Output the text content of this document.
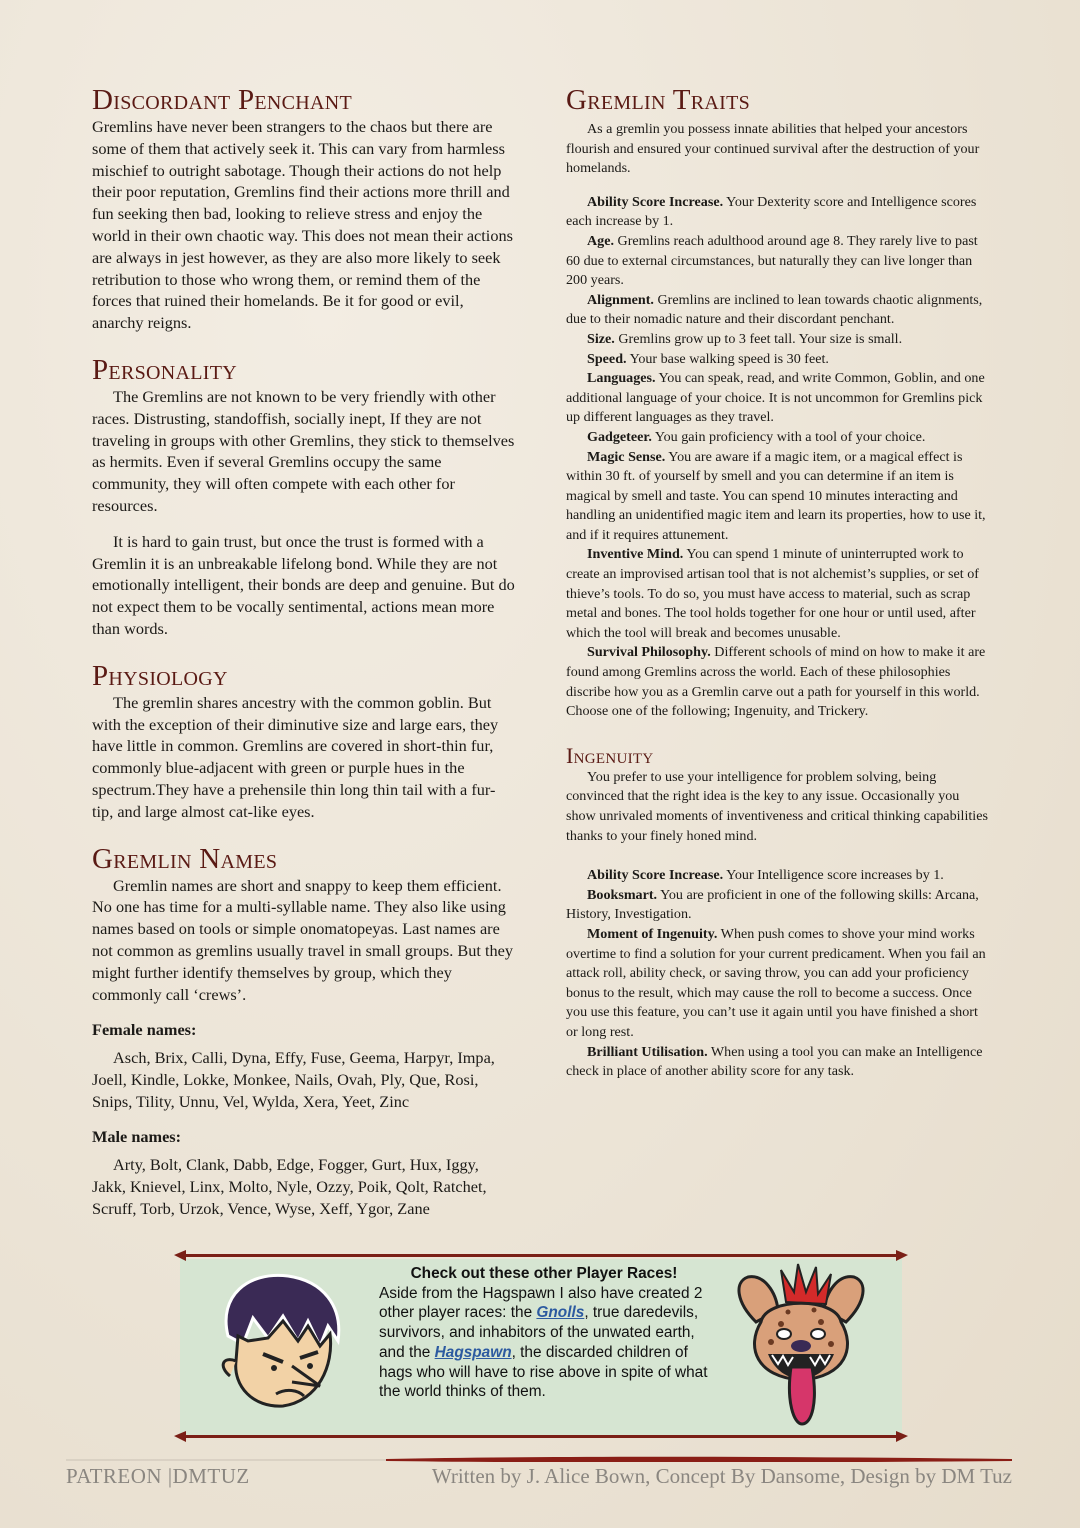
Discordant Penchant

Gremlins have never been strangers to the chaos but there are some of them that actively seek it. This can vary from harmless mischief to outright sabotage. Though their actions do not help their poor reputation, Gremlins find their actions more thrill and fun seeking then bad, looking to relieve stress and enjoy the world in their own chaotic way. This does not mean their actions are always in jest however, as they are also more likely to seek retribution to those who wrong them, or remind them of the forces that ruined their homelands. Be it for good or evil, anarchy reigns.

Personality

The Gremlins are not known to be very friendly with other races. Distrusting, standoffish, socially inept, If they are not traveling in groups with other Gremlins, they stick to themselves as hermits. Even if several Gremlins occupy the same community, they will often compete with each other for resources.

It is hard to gain trust, but once the trust is formed with a Gremlin it is an unbreakable lifelong bond. While they are not emotionally intelligent, their bonds are deep and genuine. But do not expect them to be vocally sentimental, actions mean more than words.

Physiology

The gremlin shares ancestry with the common goblin. But with the exception of their diminutive size and large ears, they have little in common. Gremlins are covered in short-thin fur, commonly blue-adjacent with green or purple hues in the spectrum.They have a prehensile thin long thin tail with a fur-tip, and large almost cat-like eyes.

Gremlin Names

Gremlin names are short and snappy to keep them efficient. No one has time for a multi-syllable name. They also like using names based on tools or simple onomatopeyas. Last names are not common as gremlins usually travel in small groups. But they might further identify themselves by group, which they commonly call ‘crews’.

Female names:

Asch, Brix, Calli, Dyna, Effy, Fuse, Geema, Harpyr, Impa, Joell, Kindle, Lokke, Monkee, Nails, Ovah, Ply, Que, Rosi, Snips, Tility, Unnu, Vel, Wylda, Xera, Yeet, Zinc

Male names:

Arty, Bolt, Clank, Dabb, Edge, Fogger, Gurt, Hux, Iggy, Jakk, Knievel, Linx, Molto, Nyle, Ozzy, Poik, Qolt, Ratchet, Scruff, Torb, Urzok, Vence, Wyse, Xeff, Ygor, Zane

Gremlin Traits

As a gremlin you possess innate abilities that helped your ancestors flourish and ensured your continued survival after the destruction of your homelands.

Ability Score Increase. Your Dexterity score and Intelligence scores each increase by 1.

Age. Gremlins reach adulthood around age 8. They rarely live to past 60 due to external circumstances, but naturally they can live longer than 200 years.

Alignment. Gremlins are inclined to lean towards chaotic alignments, due to their nomadic nature and their discordant penchant.

Size. Gremlins grow up to 3 feet tall. Your size is small.

Speed. Your base walking speed is 30 feet.

Languages. You can speak, read, and write Common, Goblin, and one additional language of your choice. It is not uncommon for Gremlins pick up different languages as they travel.

Gadgeteer. You gain proficiency with a tool of your choice.

Magic Sense. You are aware if a magic item, or a magical effect is within 30 ft. of yourself by smell and you can determine if an item is magical by smell and taste. You can spend 10 minutes interacting and handling an unidentified magic item and learn its properties, how to use it, and if it requires attunement.

Inventive Mind. You can spend 1 minute of uninterrupted work to create an improvised artisan tool that is not alchemist’s supplies, or set of thieve’s tools. To do so, you must have access to material, such as scrap metal and bones. The tool holds together for one hour or until used, after which the tool will break and becomes unusable.

Survival Philosophy. Different schools of mind on how to make it are found among Gremlins across the world. Each of these philosophies discribe how you as a Gremlin carve out a path for yourself in this world. Choose one of the following; Ingenuity, and Trickery.

Ingenuity

You prefer to use your intelligence for problem solving, being convinced that the right idea is the key to any issue. Occasionally you show unrivaled moments of inventiveness and critical thinking capabilities thanks to your finely honed mind.

Ability Score Increase. Your Intelligence score increases by 1.

Booksmart. You are proficient in one of the following skills: Arcana, History, Investigation.

Moment of Ingenuity. When push comes to shove your mind works overtime to find a solution for your current predicament. When you fail an attack roll, ability check, or saving throw, you can add your proficiency bonus to the result, which may cause the roll to become a success. Once you use this feature, you can’t use it again until you have finished a short or long rest.

Brilliant Utilisation. When using a tool you can make an Intelligence check in place of another ability score for any task.

Check out these other Player Races!
Aside from the Hagspawn I also have created 2 other player races: the Gnolls, true daredevils, survivors, and inhabitors of the unwated earth, and the Hagspawn, the discarded children of hags who will have to rise above in spite of what the world thinks of them.
PATREON |DMTUZ	Written by J. Alice Bown, Concept By Dansome, Design by DM Tuz
